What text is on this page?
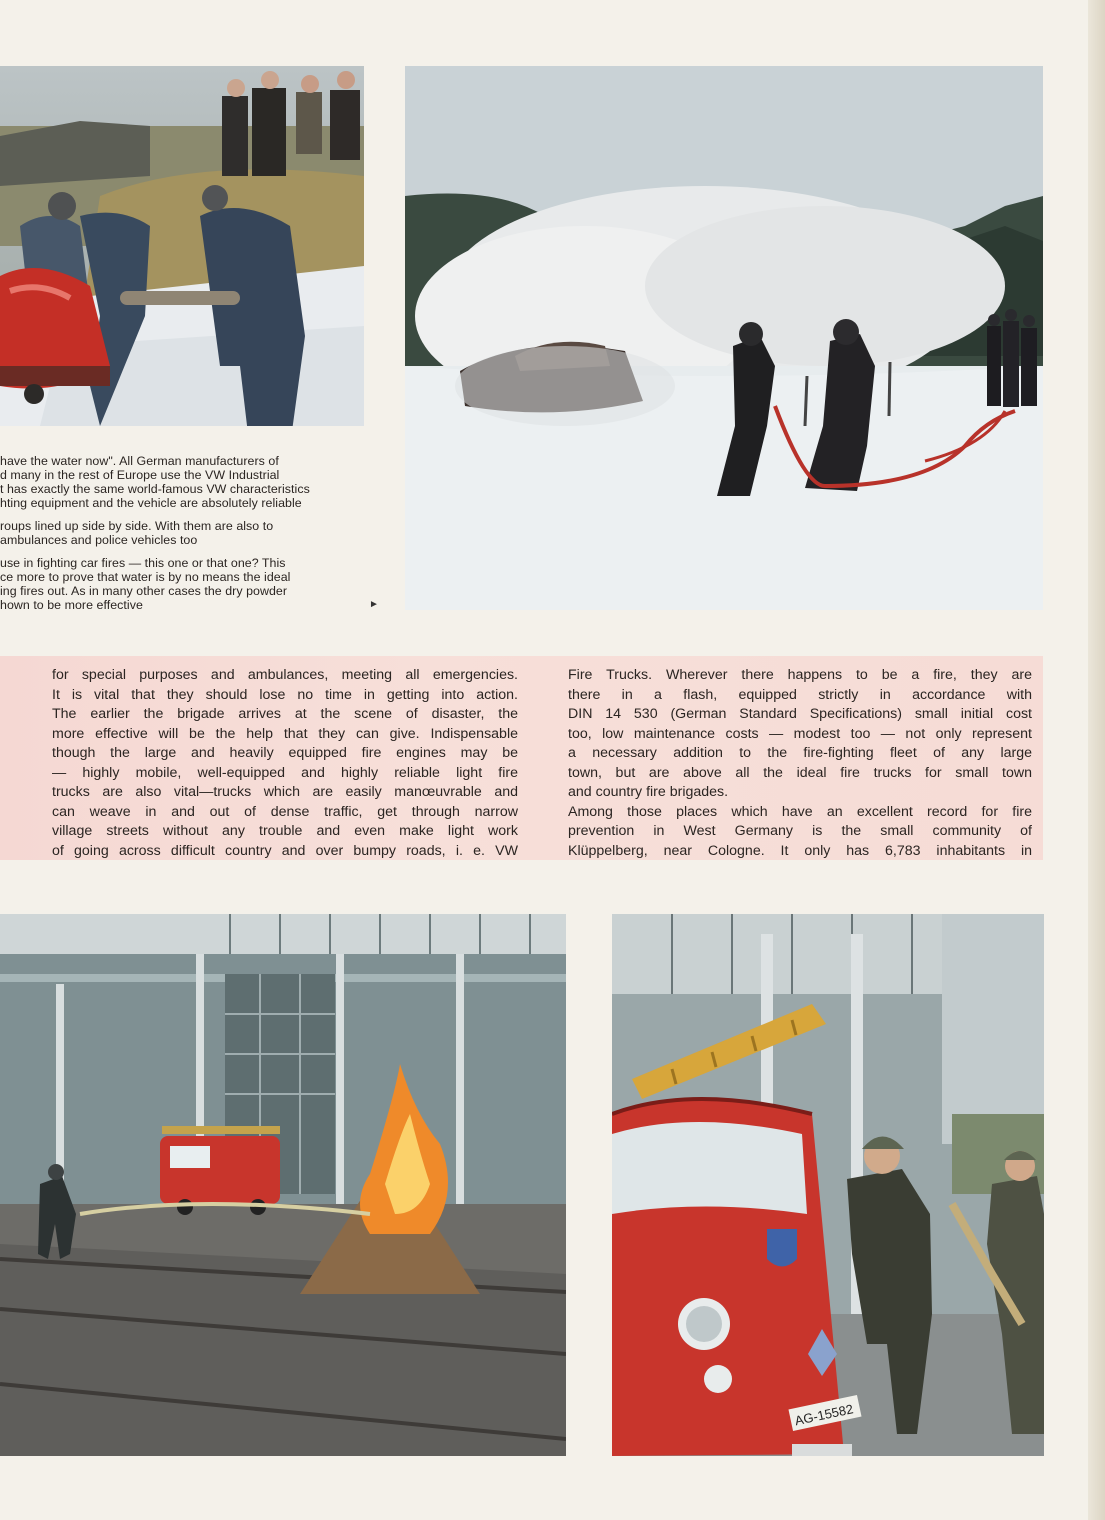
have the water now". All German manufacturers of
d many in the rest of Europe use the VW Industrial
t has exactly the same world-famous VW characteristics
hting equipment and the vehicle are absolutely reliable

roups lined up side by side. With them are also to
ambulances and police vehicles too

use in fighting car fires — this one or that one? This
ce more to prove that water is by no means the ideal
ing fires out. As in many other cases the dry powder
hown to be more effective	►
for special purposes and ambulances, meeting all emergencies.
It is vital that they should lose no time in getting into action.
The earlier the brigade arrives at the scene of disaster, the
more effective will be the help that they can give. Indispensable
though the large and heavily equipped fire engines may be
— highly mobile, well-equipped and highly reliable light fire
trucks are also vital—trucks which are easily manœuvrable and
can weave in and out of dense traffic, get through narrow
village streets without any trouble and even make light work
of going across difficult country and over bumpy roads, i. e. VW
Fire Trucks. Wherever there happens to be a fire, they are
there in a flash, equipped strictly in accordance with
DIN 14 530 (German Standard Specifications) small initial cost
too, low maintenance costs — modest too — not only represent
a necessary addition to the fire-fighting fleet of any large
town, but are above all the ideal fire trucks for small town
and country fire brigades.
Among those places which have an excellent record for fire
prevention in West Germany is the small community of
Klüppelberg, near Cologne. It only has 6,783 inhabitants in
AG-15582
